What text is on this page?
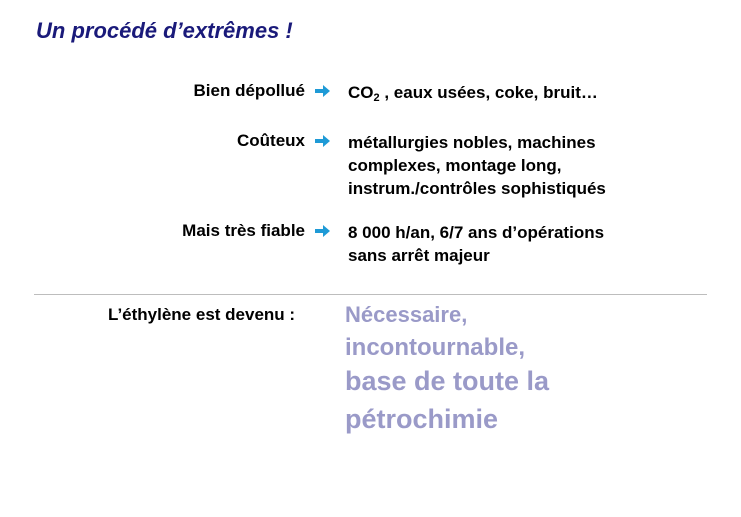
Un procédé d’extrêmes !
Bien dépollué	$CO_2$ , eaux usées, coke, bruit…
Coûteux	métallurgies nobles, machines
complexes, montage long,
instrum./contrôles sophistiqués
Mais très fiable	8 000 h/an, 6/7 ans d’opérations
sans arrêt majeur
L’éthylène est devenu : Nécessaire,
incontournable,
base de toute la
pétrochimie
